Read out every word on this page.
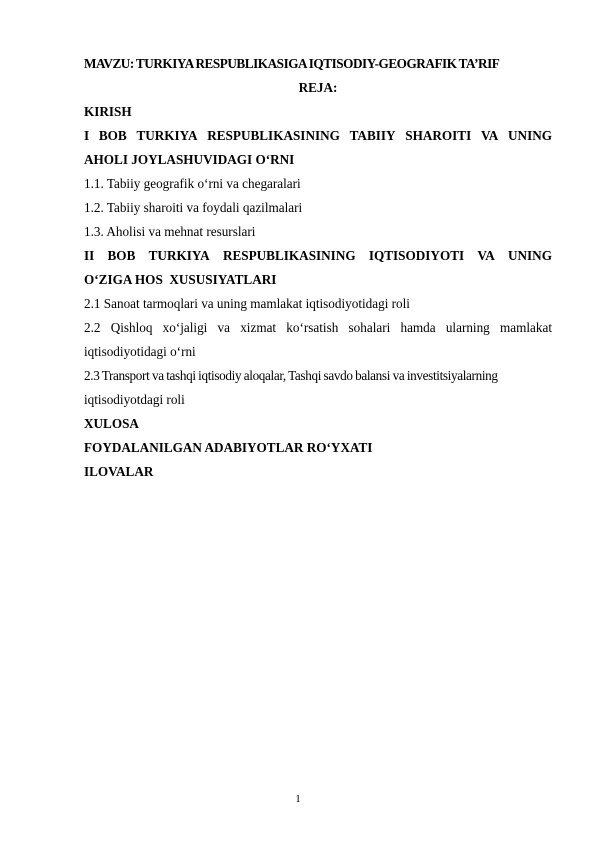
MAVZU: TURKIYA RESPUBLIKASIGA IQTISODIY-GEOGRAFIK TA’RIF
REJA:
KIRISH
I BOB TURKIYA RESPUBLIKASINING TABIIY SHAROITI VA UNING
AHOLI JOYLASHUVIDAGI O‘RNI
1.1. Tabiiy geografik o‘rni va chegaralari
1.2. Tabiiy sharoiti va foydali qazilmalari
1.3. Aholisi va mehnat resurslari
II BOB TURKIYA RESPUBLIKASINING IQTISODIYOTI VA UNING
O‘ZIGA HOS  XUSUSIYATLARI
2.1 Sanoat tarmoqlari va uning mamlakat iqtisodiyotidagi roli
2.2 Qishloq xo‘jaligi va xizmat ko‘rsatish sohalari hamda ularning mamlakat
iqtisodiyotidagi o‘rni
2.3 Transport va tashqi iqtisodiy aloqalar, Tashqi savdo balansi va investitsiyalarning
iqtisodiyotdagi roli
XULOSA
FOYDALANILGAN ADABIYOTLAR RO‘YXATI
ILOVALAR
1
